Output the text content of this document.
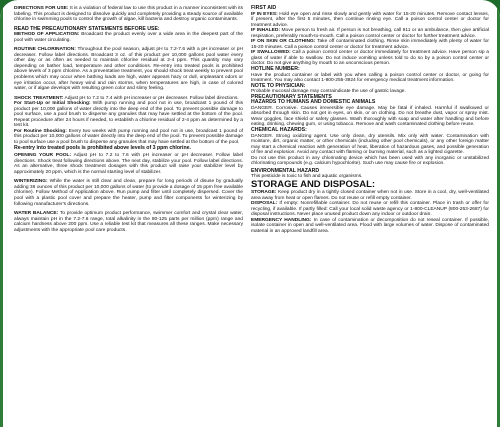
DIRECTIONS FOR USE: It is a violation of federal law to use this product in a manner inconsistent with its labeling. This product is designed to dissolve quickly and completely providing a steady source of available chlorine in swimming pools to control the growth of algae, kill bacteria and destroy organic contaminants.

READ THE PRECAUTIONARY STATEMENTS BEFORE USE:

METHOD OF APPLICATION: Broadcast the product evenly over a wide area in the deepest part of the pool with water circulating.

ROUTINE CHLORINATION: Throughout the pool season, adjust pH to 7.2-7.6 with a pH increaser or pH decreaser. Follow label directions. Broadcast 3 oz. of this product per 10,000 gallons pool water every other day or as often as needed to maintain chlorine residual at 2-4 ppm. This quantity may vary depending on bather load, temperature and other conditions. Re-entry into treated pools is prohibited above levels of 3 ppm chlorine. As a preventative treatment, you should shock treat weekly to prevent pool problems which may occur when bathing loads are high, water appears hazy or dull, unpleasant odors or eye irritation occur, after heavy wind and rain storms, when temperatures are high, in case of colored water, or if algae develops with resulting green color and slimy feeling.

SHOCK TREATMENT: Adjust pH to 7.2 to 7.4 with pH increaser or pH decreaser. Follow label directions.

For Start-Up or Initial Shocking: With pump running and pool not in use, broadcast 1 pound of this product per 10,000 gallons of water directly into the deep end of the pool. To prevent possible damage to pool surface, use a pool brush to disperse any granules that may have settled at the bottom of the pool. Repeat procedure after 24 hours if needed, to establish a chlorine residual of 2-4 ppm as determined by a test kit.

For Routine Shocking: Every two weeks with pump running and pool not in use, broadcast 1 pound of this product per 10,000 gallons of water directly into the deep end of the pool. To prevent possible damage to pool surface use a pool brush to disperse any granules that may have settled at the bottom of the pool.

Re-entry into treated pools is prohibited above levels of 3 ppm chlorine.

OPENING YOUR POOL: Adjust pH to 7.2 to 7.6 with pH increaser or pH decreaser. Follow label directions. Shock treat following directions above. The next day, stabilize your pool. Follow label directions. As an alternative, three shock treatment dosages with this product will raise your stabilizer level by approximately 20 ppm, which is the normal starting level of stabilizer.

WINTERIZING: While the water is still clear and clean, prepare for long periods of disuse by gradually adding 36 ounces of this product per 10,000 gallons of water (to provide a dosage of 15 ppm free available chlorine). Follow Method of Application above. Run pump and filter until completely dispersed. Cover the pool with a plastic pool cover and prepare the heater, pump and filter components for winterizing by following manufacturer's directions.

WATER BALANCE: To provide optimum product performance, swimmer comfort and crystal clear water, always maintain pH in the 7.2-7.6 range, total alkalinity in the 80-125 parts per million (ppm) range and calcium hardness above 200 ppm. Use a reliable test kit that measures all these ranges. Make necessary adjustments with the appropriate pool care products.

FIRST AID

IF IN EYES: Hold eye open and rinse slowly and gently with water for 15-20 minutes. Remove contact lenses, if present, after the first 5 minutes, then continue rinsing eye. Call a poison control center or doctor for treatment advice.

IF INHALED: Move person to fresh air. If person is not breathing, call 911 or an ambulance, then give artificial respiration, preferably mouth-to-mouth. Call a poison control center or doctor for further treatment advice.

IF ON SKIN OR CLOTHING: Take off contaminated clothing. Rinse skin immediately with plenty of water for 15-20 minutes. Call a poison control center or doctor for treatment advice.

IF SWALLOWED: Call a poison control center or doctor immediately for treatment advice. Have person sip a glass of water if able to swallow. Do not induce vomiting unless told to do so by a poison control center or doctor. Do not give anything by mouth to an unconscious person.

HOTLINE NUMBER:

Have the product container or label with you when calling a poison control center or doctor, or going for treatment. You may also contact 1-800-255-3924 for emergency medical treatment information.

NOTE TO PHYSICIAN:

Probable mucosal damage may contraindicate the use of gastric lavage.

PRECAUTIONARY STATEMENTS

HAZARDS TO HUMANS AND DOMESTIC ANIMALS

DANGER. Corrosive. Causes irreversible eye damage. May be fatal if inhaled. Harmful if swallowed or absorbed through skin. Do not get in eyes, on skin, or on clothing. Do not breathe dust, vapor or spray mist. Wear goggles, face shield or safety glasses. Wash thoroughly with soap and water after handling and before eating, drinking, chewing gum, or using tobacco. Remove and wash contaminated clothing before reuse.

CHEMICAL HAZARDS:

DANGER. Strong oxidizing agent. Use only clean, dry utensils. Mix only with water. Contamination with moisture, dirt, organic matter, or other chemicals (including other pool chemicals), or any other foreign matter may start a chemical reaction with generation of heat, liberation of hazardous gases, and possible generation of fire and explosion. Avoid any contact with flaming or burning material, such as a lighted cigarette.

Do not use this product in any chlorinating device which has been used with any inorganic or unstabilized chlorinating compounds (e.g. calcium hypochlorite). Such use may cause fire or explosion.

ENVIRONMENTAL HAZARD

This pesticide is toxic to fish and aquatic organisms.

STORAGE AND DISPOSAL:

STORAGE: Keep product dry in a tightly closed container when not in use. Store in a cool, dry, well-ventilated area away from heat or open flames. Do not reuse or refill empty container.

DISPOSAL: If empty: Nonrefillable container. Do not reuse or refill this container. Place in trash or offer for recycling, if available. If partly filled: Call your local solid waste agency or 1-800-CLEANUP (800-253-2687) for disposal instructions. Never place unused product down any indoor or outdoor drain.

EMERGENCY HANDLING: In case of contamination or decomposition do not reseal container. If possible, isolate container in open and well-ventilated area. Flood with large volumes of water. Dispose of contaminated material in an approved landfill area.
